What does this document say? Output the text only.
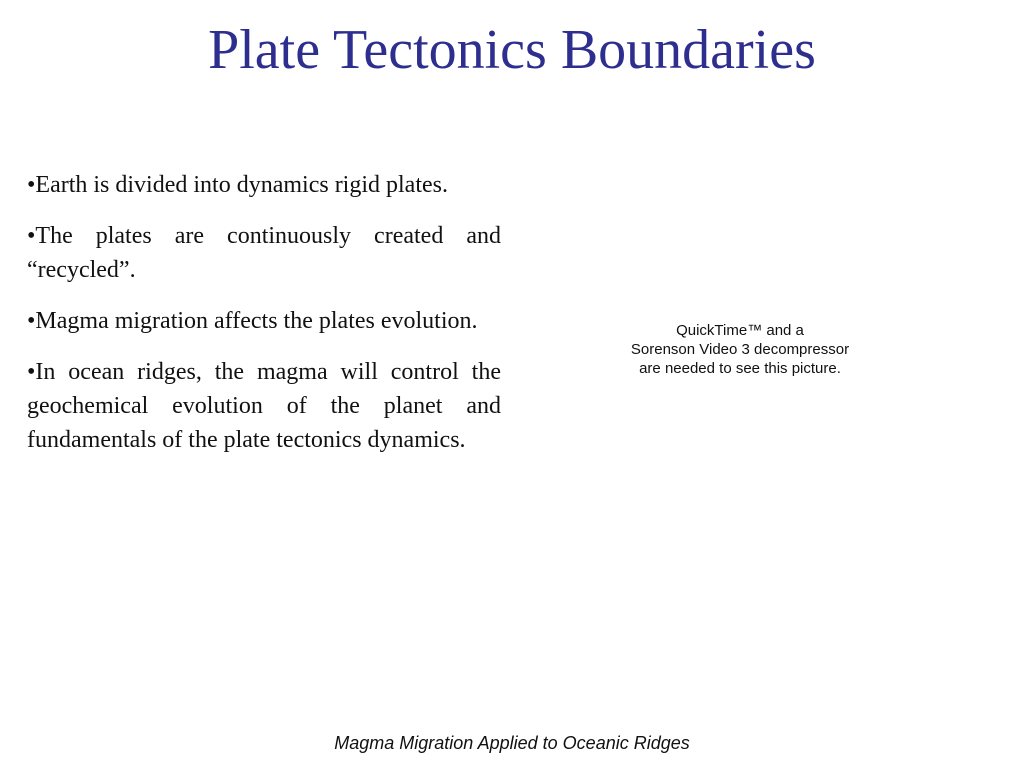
Plate Tectonics Boundaries
•Earth is divided into dynamics rigid plates.
•The plates are continuously created and “recycled”.
•Magma migration affects the plates evolution.
•In ocean ridges, the magma will control the geochemical evolution of the planet and fundamentals of the plate tectonics dynamics.
QuickTime™ and a
Sorenson Video 3 decompressor
are needed to see this picture.
Magma Migration Applied to Oceanic Ridges
